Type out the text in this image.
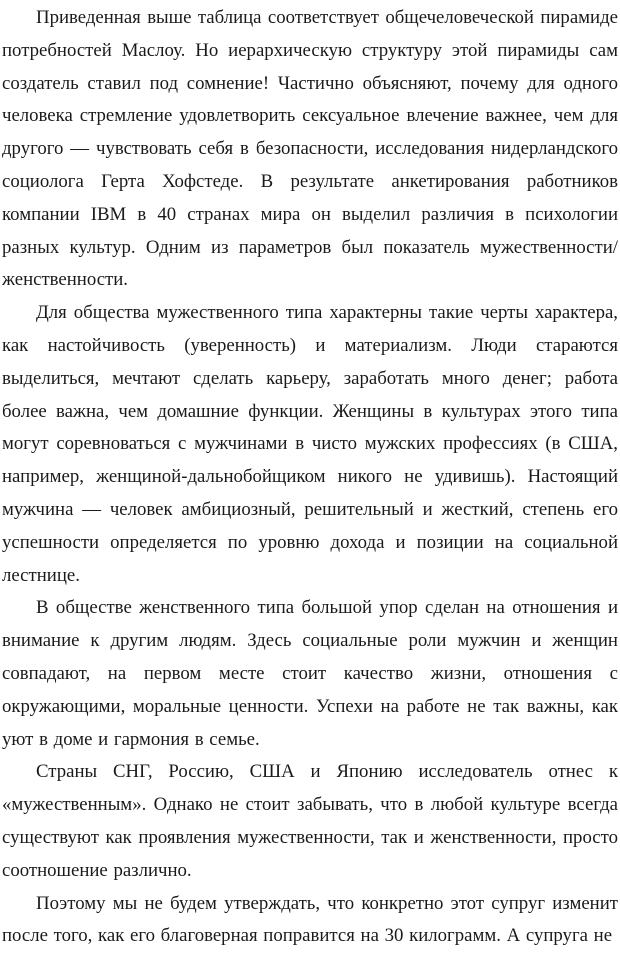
Приведенная выше таблица соответствует общечеловеческой пирамиде потребностей Маслоу. Но иерархическую структуру этой пирамиды сам создатель ставил под сомнение! Частично объясняют, почему для одного человека стремление удовлетворить сексуальное влечение важнее, чем для другого — чувствовать себя в безопасности, исследования нидерландского социолога Герта Хофстеде. В результате анкетирования работников компании IBM в 40 странах мира он выделил различия в психологии разных культур. Одним из параметров был показатель мужественности/женственности.

Для общества мужественного типа характерны такие черты характера, как настойчивость (уверенность) и материализм. Люди стараются выделиться, мечтают сделать карьеру, заработать много денег; работа более важна, чем домашние функции. Женщины в культурах этого типа могут соревноваться с мужчинами в чисто мужских профессиях (в США, например, женщиной-дальнобойщиком никого не удивишь). Настоящий мужчина — человек амбициозный, решительный и жесткий, степень его успешности определяется по уровню дохода и позиции на социальной лестнице.

В обществе женственного типа большой упор сделан на отношения и внимание к другим людям. Здесь социальные роли мужчин и женщин совпадают, на первом месте стоит качество жизни, отношения с окружающими, моральные ценности. Успехи на работе не так важны, как уют в доме и гармония в семье.

Страны СНГ, Россию, США и Японию исследователь отнес к «мужественным». Однако не стоит забывать, что в любой культуре всегда существуют как проявления мужественности, так и женственности, просто соотношение различно.

Поэтому мы не будем утверждать, что конкретно этот супруг изменит после того, как его благоверная поправится на 30 килограмм. А супруга не
